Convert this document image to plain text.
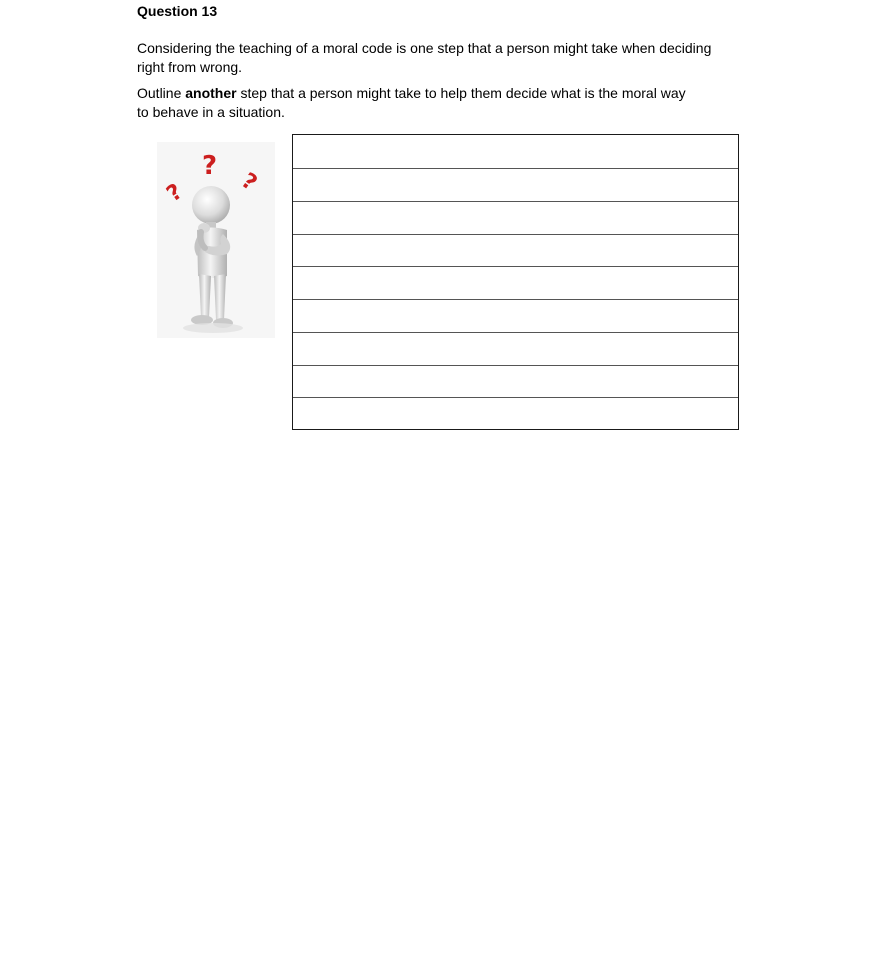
Question 13
Considering the teaching of a moral code is one step that a person might take when deciding
right from wrong.
Outline another step that a person might take to help them decide what is the moral way
to behave in a situation.
?
? ?
